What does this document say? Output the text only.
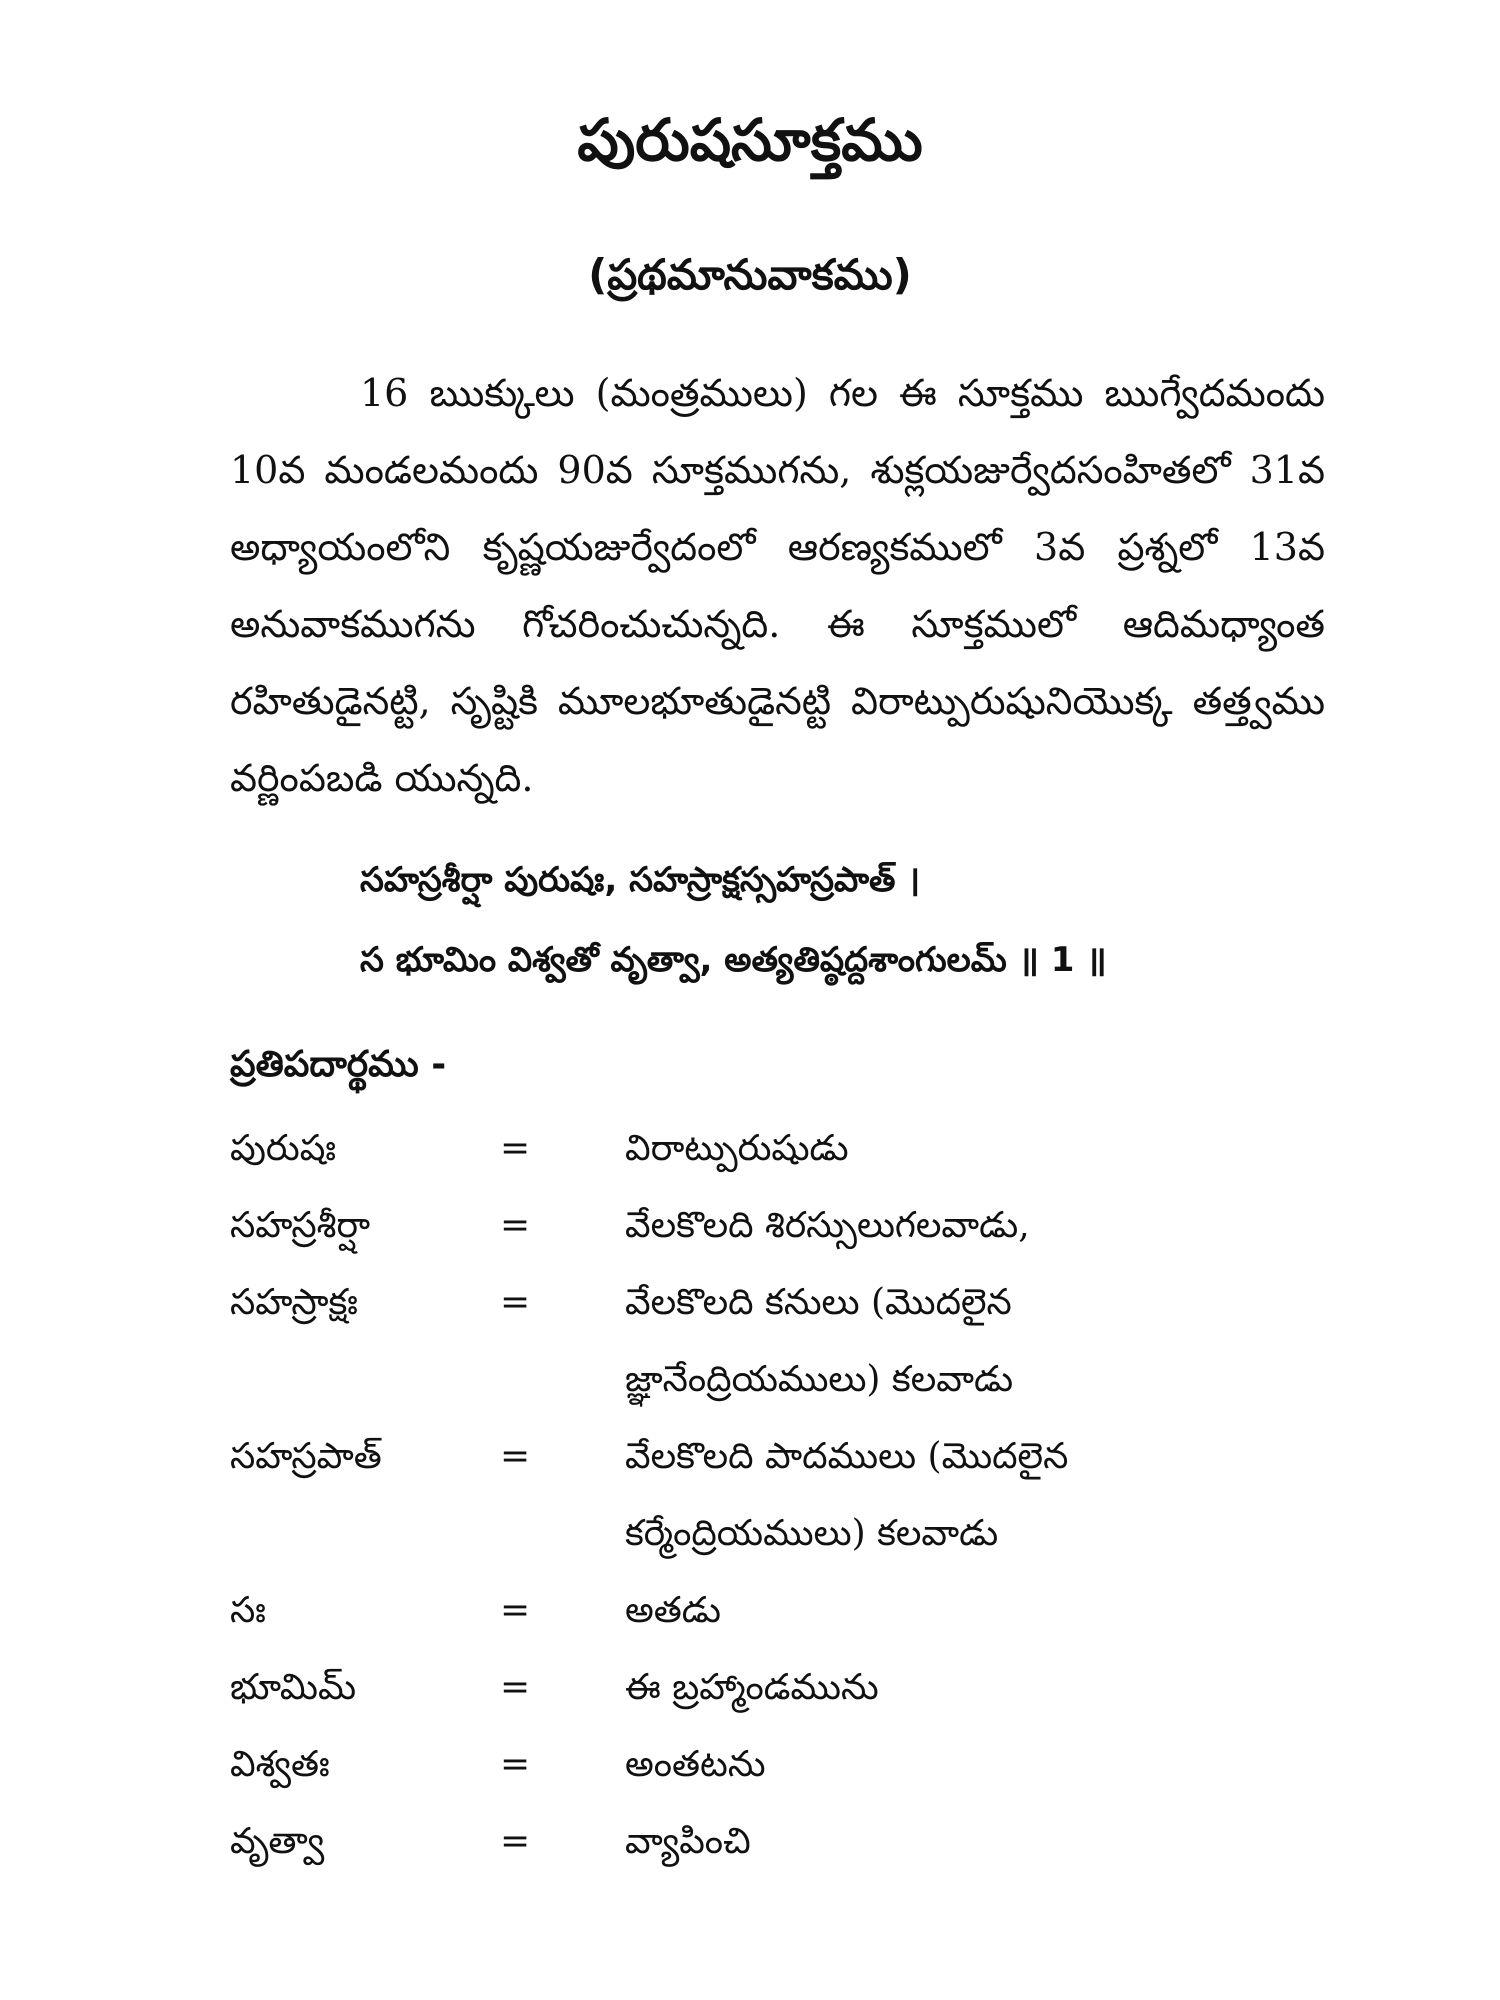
పురుషసూక్తము
(ప్రథమానువాకము)

16 ఋక్కులు (మంత్రములు) గల ఈ సూక్తము ఋగ్వేదమందు 10వ మండలమందు 90వ సూక్తముగను, శుక్లయజుర్వేదసంహితలో 31వ అధ్యాయంలోని కృష్ణయజుర్వేదంలో ఆరణ్యకములో 3వ ప్రశ్నలో 13వ అనువాకముగను గోచరించుచున్నది. ఈ సూక్తములో ఆదిమధ్యాంత రహితుడైనట్టి, సృష్టికి మూలభూతుడైనట్టి విరాట్పురుషునియొక్క తత్త్వము వర్ణింపబడి యున్నది.

సహస్రశీర్షా పురుషః, సహస్రాక్షస్సహస్రపాత్ ।
స భూమిం విశ్వతో వృత్వా, అత్యతిష్ఠద్దశాంగులమ్ ॥ 1 ॥
ప్రతిపదార్థము -
పురుషః	=	విరాట్పురుషుడు
సహస్రశీర్షా	=	వేలకొలది శిరస్సులుగలవాడు,
సహస్రాక్షః	=	వేలకొలది కనులు (మొదలైన జ్ఞానేంద్రియములు) కలవాడు
సహస్రపాత్	=	వేలకొలది పాదములు (మొదలైన కర్మేంద్రియములు) కలవాడు
సః	=	అతడు
భూమిమ్	=	ఈ బ్రహ్మాండమును
విశ్వతః	=	అంతటను
వృత్వా	=	వ్యాపించి
